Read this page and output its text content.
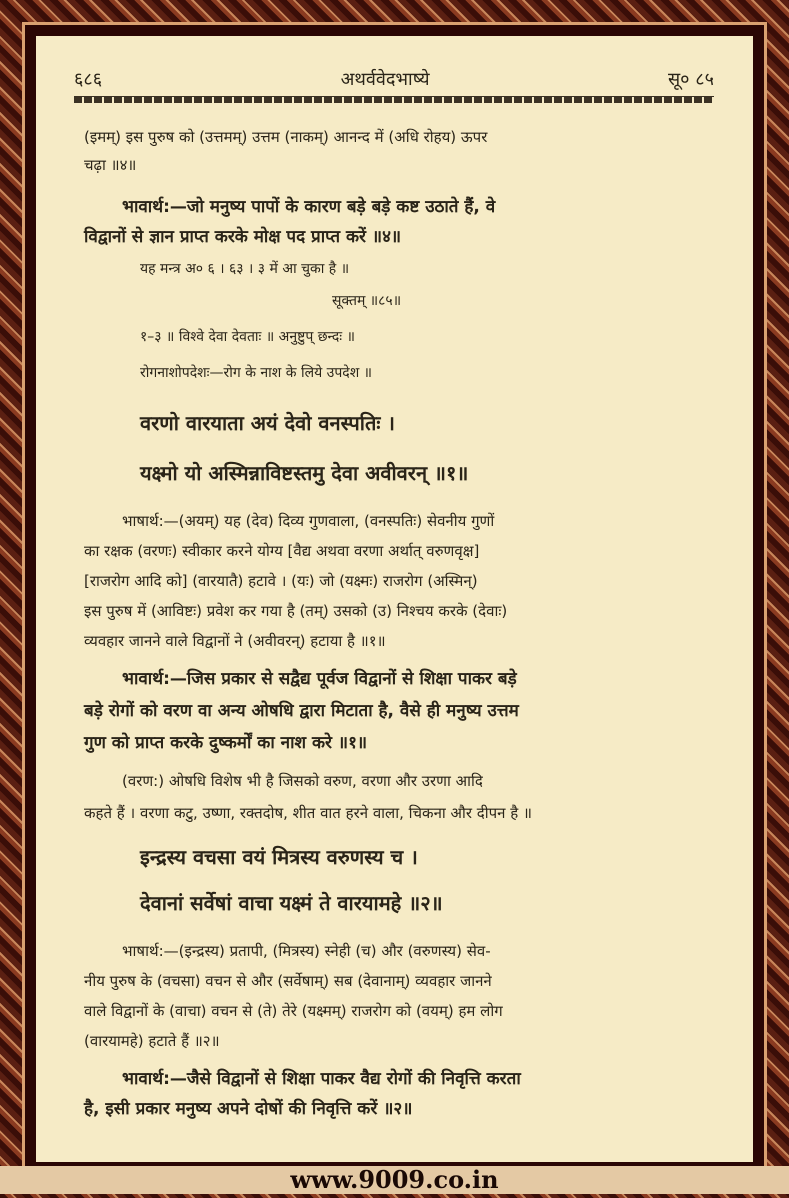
६८६	अथर्ववेदभाष्ये	सू० ८५
(इमम्) इस पुरुष को (उत्तमम्) उत्तम (नाकम्) आनन्द में (अधि रोहय) ऊपर
चढ़ा ॥४॥
भावार्थ:—जो मनुष्य पापों के कारण बड़े बड़े कष्ट उठाते हैं, वे
विद्वानों से ज्ञान प्राप्त करके मोक्ष पद प्राप्त करें ॥४॥
यह मन्त्र अ० ६ । ६३ । ३ में आ चुका है ॥
सूक्तम् ॥८५॥
१–३ ॥ विश्वे देवा देवताः ॥ अनुष्टुप् छन्दः ॥
रोगनाशोपदेशः—रोग के नाश के लिये उपदेश ॥
वरणो वारयाता अयं देवो वनस्पतिः ।
यक्ष्मो यो अस्मिन्नाविष्टस्तमु देवा अवीवरन् ॥१॥
भाषार्थ:—(अयम्) यह (देव) दिव्य गुणवाला, (वनस्पतिः) सेवनीय गुणों
का रक्षक (वरणः) स्वीकार करने योग्य [वैद्य अथवा वरणा अर्थात् वरुणवृक्ष]
[राजरोग आदि को] (वारयातै) हटावे । (यः) जो (यक्ष्मः) राजरोग (अस्मिन्)
इस पुरुष में (आविष्टः) प्रवेश कर गया है (तम्) उसको (उ) निश्चय करके (देवाः)
व्यवहार जानने वाले विद्वानों ने (अवीवरन्) हटाया है ॥१॥
भावार्थ:—जिस प्रकार से सद्वैद्य पूर्वज विद्वानों से शिक्षा पाकर बड़े
बड़े रोगों को वरण वा अन्य ओषधि द्वारा मिटाता है, वैसे ही मनुष्य उत्तम
गुण को प्राप्त करके दुष्कर्मों का नाश करे ॥१॥
(वरण:) ओषधि विशेष भी है जिसको वरुण, वरणा और उरणा आदि
कहते हैं । वरणा कटु, उष्णा, रक्तदोष, शीत वात हरने वाला, चिकना और दीपन है ॥
इन्द्रस्य वचसा वयं मित्रस्य वरुणस्य च ।
देवानां सर्वेषां वाचा यक्ष्मं ते वारयामहे ॥२॥
भाषार्थ:—(इन्द्रस्य) प्रतापी, (मित्रस्य) स्नेही (च) और (वरुणस्य) सेव-
नीय पुरुष के (वचसा) वचन से और (सर्वेषाम्) सब (देवानाम्) व्यवहार जानने
वाले विद्वानों के (वाचा) वचन से (ते) तेरे (यक्ष्मम्) राजरोग को (वयम्) हम लोग
(वारयामहे) हटाते हैं ॥२॥
भावार्थ:—जैसे विद्वानों से शिक्षा पाकर वैद्य रोगों की निवृत्ति करता
है, इसी प्रकार मनुष्य अपने दोषों की निवृत्ति करें ॥२॥
www.9009.co.in
